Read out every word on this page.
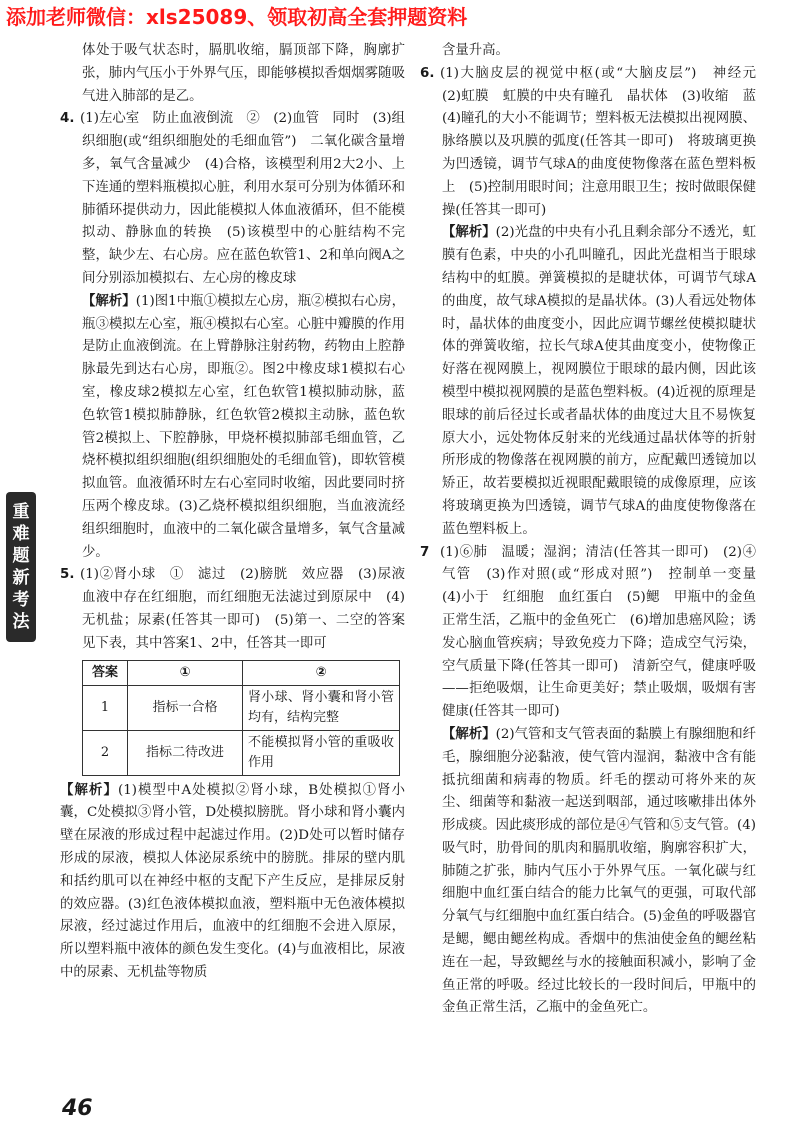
添加老师微信：xls25089、领取初高全套押题资料
重
难
题
新
考
法

体处于吸气状态时，膈肌收缩，膈顶部下降，胸廓扩张，肺内气压小于外界气压，即能够模拟香烟烟雾随吸气进入肺部的是乙。

4. (1)左心室　防止血液倒流　②　(2)血管　同时　(3)组织细胞(或“组织细胞处的毛细血管”)　二氧化碳含量增多，氧气含量减少　(4)合格，该模型利用2大2小、上下连通的塑料瓶模拟心脏，利用水泵可分别为体循环和肺循环提供动力，因此能模拟人体血液循环，但不能模拟动、静脉血的转换　(5)该模型中的心脏结构不完整，缺少左、右心房。应在蓝色软管1、2和单向阀A之间分别添加模拟右、左心房的橡皮球

【解析】(1)图1中瓶①模拟左心房，瓶②模拟右心房，瓶③模拟左心室，瓶④模拟右心室。心脏中瓣膜的作用是防止血液倒流。在上臂静脉注射药物，药物由上腔静脉最先到达右心房，即瓶②。图2中橡皮球1模拟右心室，橡皮球2模拟左心室，红色软管1模拟肺动脉，蓝色软管1模拟肺静脉，红色软管2模拟主动脉，蓝色软管2模拟上、下腔静脉，甲烧杯模拟肺部毛细血管，乙烧杯模拟组织细胞(组织细胞处的毛细血管)，即软管模拟血管。血液循环时左右心室同时收缩，因此要同时挤压两个橡皮球。(3)乙烧杯模拟组织细胞，当血液流经组织细胞时，血液中的二氧化碳含量增多，氧气含量减少。

5. (1)②肾小球　①　滤过　(2)膀胱　效应器　(3)尿液　血液中存在红细胞，而红细胞无法滤过到原尿中　(4)无机盐；尿素(任答其一即可)　(5)第一、二空的答案见下表，其中答案1、2中，任答其一即可

答案	①	②
1	指标一合格	肾小球、肾小囊和肾小管均有，结构完整
2	指标二待改进	不能模拟肾小管的重吸收作用

【解析】(1)模型中A处模拟②肾小球，B处模拟①肾小囊，C处模拟③肾小管，D处模拟膀胱。肾小球和肾小囊内壁在尿液的形成过程中起滤过作用。(2)D处可以暂时储存形成的尿液，模拟人体泌尿系统中的膀胱。排尿的壁内肌和括约肌可以在神经中枢的支配下产生反应，是排尿反射的效应器。(3)红色液体模拟血液，塑料瓶中无色液体模拟尿液，经过滤过作用后，血液中的红细胞不会进入原尿，所以塑料瓶中液体的颜色发生变化。(4)与血液相比，尿液中的尿素、无机盐等物质

含量升高。

6. (1)大脑皮层的视觉中枢(或“大脑皮层”)　神经元　(2)虹膜　虹膜的中央有瞳孔　晶状体　(3)收缩　蓝　(4)瞳孔的大小不能调节；塑料板无法模拟出视网膜、脉络膜以及巩膜的弧度(任答其一即可)　将玻璃更换为凹透镜，调节气球A的曲度使物像落在蓝色塑料板上　(5)控制用眼时间；注意用眼卫生；按时做眼保健操(任答其一即可)

【解析】(2)光盘的中央有小孔且剩余部分不透光，虹膜有色素，中央的小孔叫瞳孔，因此光盘相当于眼球结构中的虹膜。弹簧模拟的是睫状体，可调节气球A的曲度，故气球A模拟的是晶状体。(3)人看远处物体时，晶状体的曲度变小，因此应调节螺丝使模拟睫状体的弹簧收缩，拉长气球A使其曲度变小，使物像正好落在视网膜上，视网膜位于眼球的最内侧，因此该模型中模拟视网膜的是蓝色塑料板。(4)近视的原理是眼球的前后径过长或者晶状体的曲度过大且不易恢复原大小，远处物体反射来的光线通过晶状体等的折射所形成的物像落在视网膜的前方，应配戴凹透镜加以矫正，故若要模拟近视眼配戴眼镜的成像原理，应该将玻璃更换为凹透镜，调节气球A的曲度使物像落在蓝色塑料板上。

7 (1)⑥肺　温暖；湿润；清洁(任答其一即可)　(2)④气管　(3)作对照(或“形成对照”)　控制单一变量　(4)小于　红细胞　血红蛋白　(5)鳃　甲瓶中的金鱼正常生活，乙瓶中的金鱼死亡　(6)增加患癌风险；诱发心脑血管疾病；导致免疫力下降；造成空气污染，空气质量下降(任答其一即可)　清新空气，健康呼吸——拒绝吸烟，让生命更美好；禁止吸烟，吸烟有害健康(任答其一即可)

【解析】(2)气管和支气管表面的黏膜上有腺细胞和纤毛，腺细胞分泌黏液，使气管内湿润，黏液中含有能抵抗细菌和病毒的物质。纤毛的摆动可将外来的灰尘、细菌等和黏液一起送到咽部，通过咳嗽排出体外形成痰。因此痰形成的部位是④气管和⑤支气管。(4)吸气时，肋骨间的肌肉和膈肌收缩，胸廓容积扩大，肺随之扩张，肺内气压小于外界气压。一氧化碳与红细胞中血红蛋白结合的能力比氧气的更强，可取代部分氧气与红细胞中血红蛋白结合。(5)金鱼的呼吸器官是鳃，鳃由鳃丝构成。香烟中的焦油使金鱼的鳃丝粘连在一起，导致鳃丝与水的接触面积减小，影响了金鱼正常的呼吸。经过比较长的一段时间后，甲瓶中的金鱼正常生活，乙瓶中的金鱼死亡。

46
